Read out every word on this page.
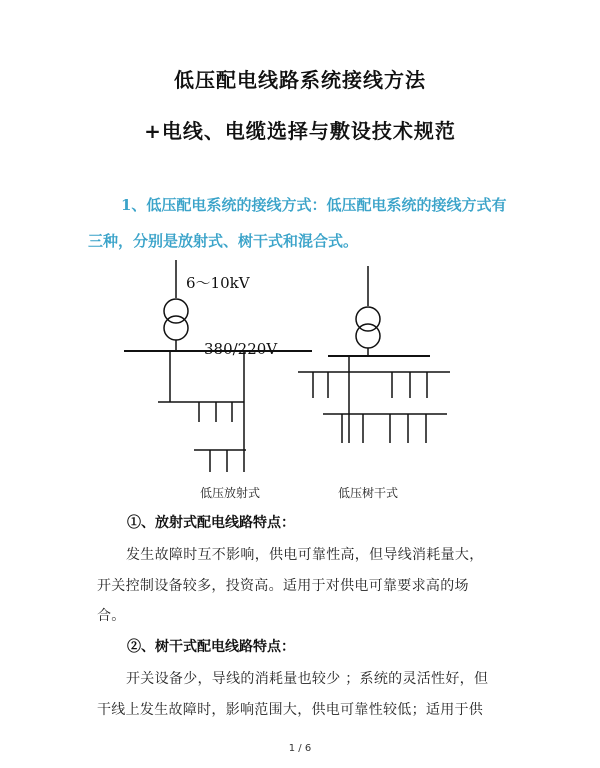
低压配电线路系统接线方法
+电线、电缆选择与敷设技术规范
1、低压配电系统的接线方式：低压配电系统的接线方式有
三种，分别是放射式、树干式和混合式。
6～10kV
380/220V
低压放射式	低压树干式
①、放射式配电线路特点：
发生故障时互不影响，供电可靠性高，但导线消耗量大，
开关控制设备较多，投资高。适用于对供电可靠要求高的场
合。
②、树干式配电线路特点：
开关设备少，导线的消耗量也较少 ；系统的灵活性好，但
干线上发生故障时，影响范围大，供电可靠性较低；适用于供
1 / 6
